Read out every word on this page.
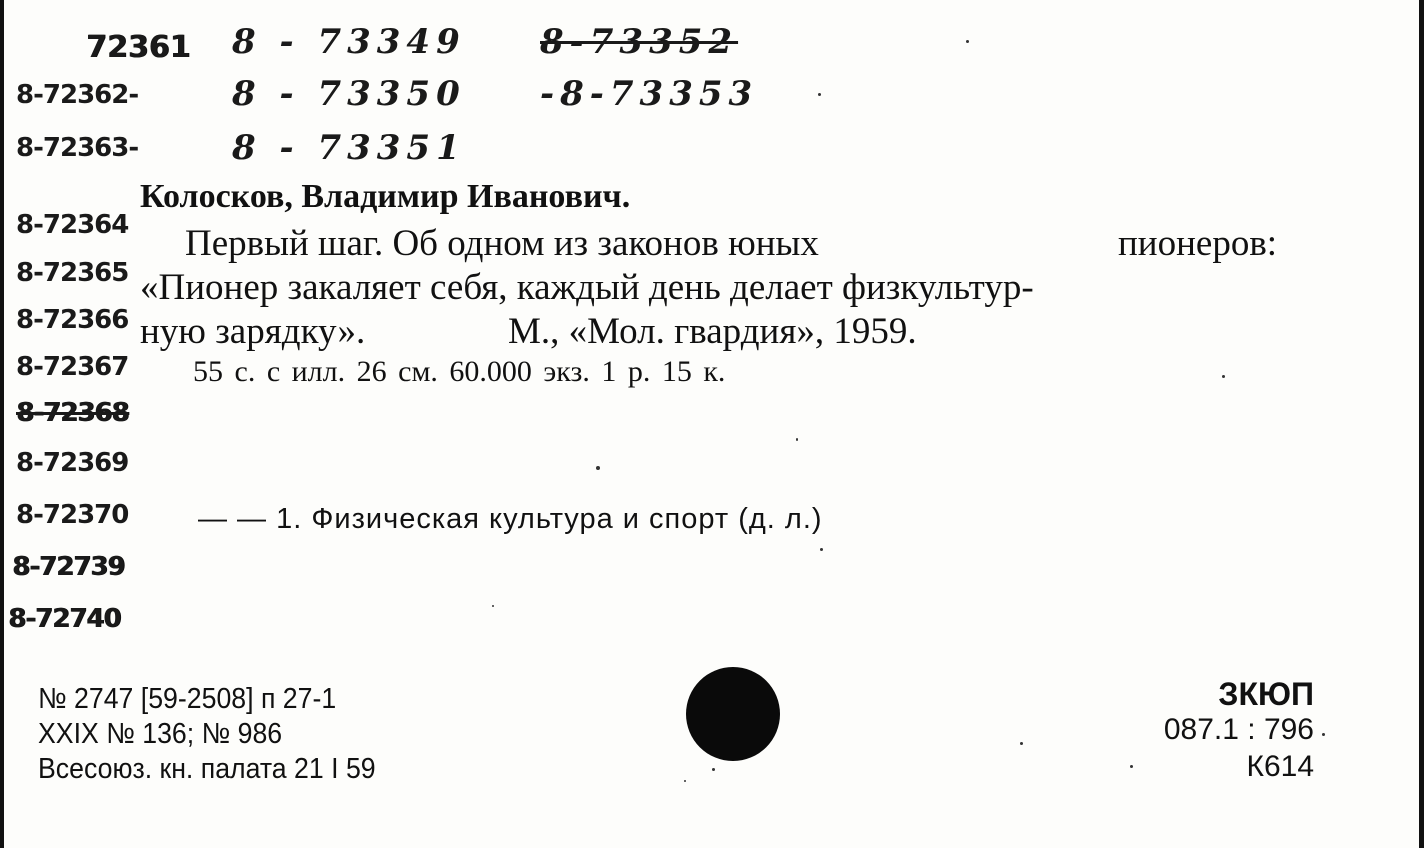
72361
8-72362-
8-72363-
8-72364
8-72365
8-72366
8-72367
8-72368
8-72369
8-72370
8-72739
8-72740
8 - 73349
8 - 73350
8 - 73351
8-73352
-8-73353
Колосков, Владимир Иванович.
Первый шаг. Об одном из законов юных	пионеров:
«Пионер закаляет себя, каждый день делает физкультур-
ную зарядку».	М., «Мол. гвардия», 1959.
55 с. с илл. 26 см. 60.000 экз. 1 р. 15 к.
— — 1. Физическая культура и спорт (д. л.)
№ 2747 [59-2508] п 27-1
XXIX № 136; № 986
Всесоюз. кн. палата 21 I 59
ЗКЮП
087.1 : 796
К614
